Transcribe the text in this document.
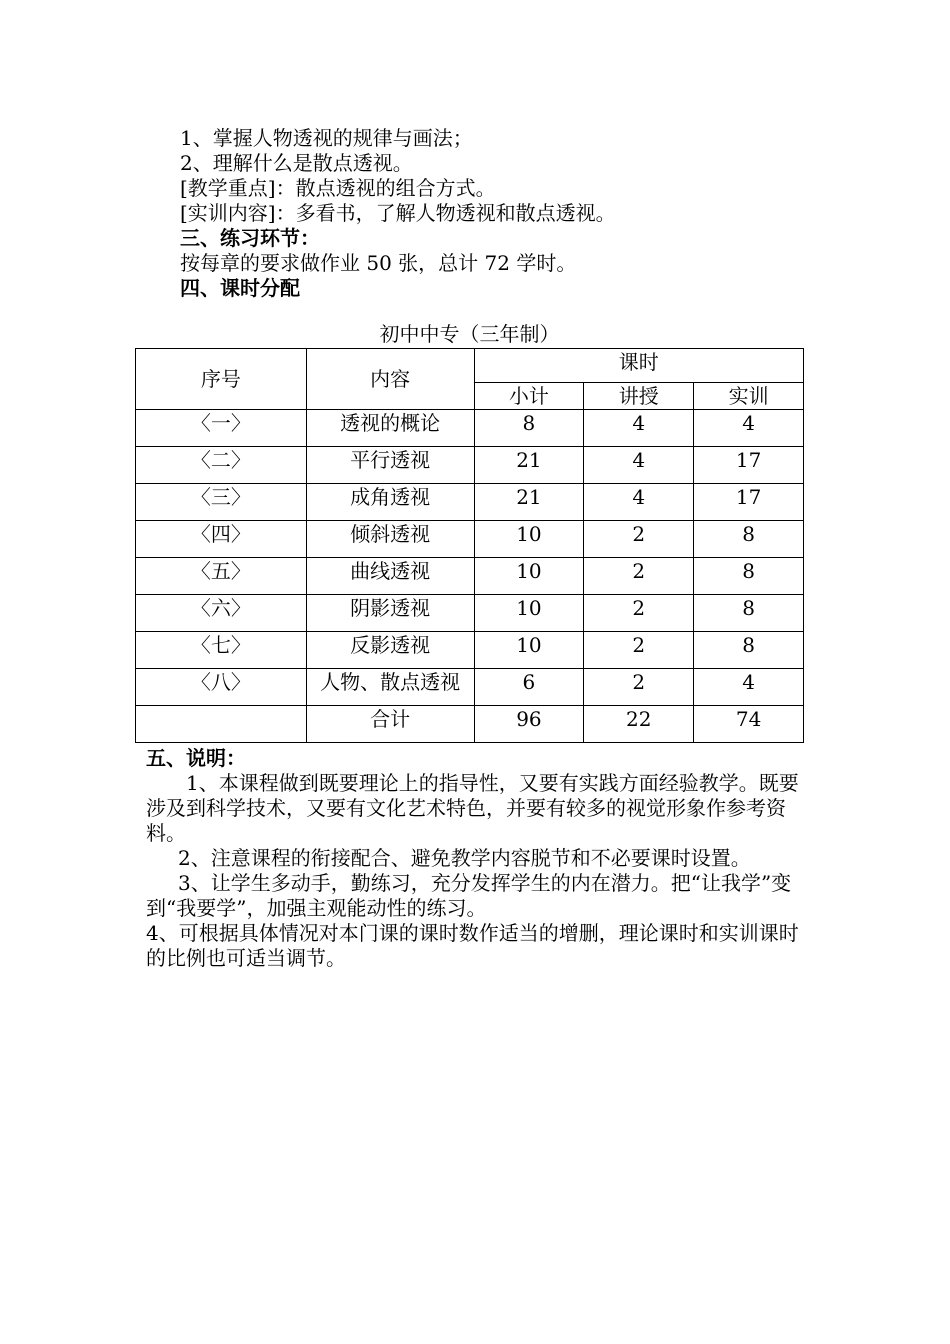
1、掌握人物透视的规律与画法；
2、理解什么是散点透视。
[教学重点]：散点透视的组合方式。
[实训内容]：多看书，了解人物透视和散点透视。
三、练习环节：
按每章的要求做作业 50 张，总计 72 学时。
四、课时分配
初中中专（三年制）
序号	内容	课时		
		小计	讲授	实训
〈一〉	透视的概论	8	4	4
〈二〉	平行透视	21	4	17
〈三〉	成角透视	21	4	17
〈四〉	倾斜透视	10	2	8
〈五〉	曲线透视	10	2	8
〈六〉	阴影透视	10	2	8
〈七〉	反影透视	10	2	8
〈八〉	人物、散点透视	6	2	4
	合计	96	22	74
五、说明：
1、本课程做到既要理论上的指导性，又要有实践方面经验教学。既要涉及到科学技术，又要有文化艺术特色，并要有较多的视觉形象作参考资料。
2、注意课程的衔接配合、避免教学内容脱节和不必要课时设置。
3、让学生多动手，勤练习，充分发挥学生的内在潜力。把“让我学”变到“我要学”，加强主观能动性的练习。
4、可根据具体情况对本门课的课时数作适当的增删，理论课时和实训课时的比例也可适当调节。
